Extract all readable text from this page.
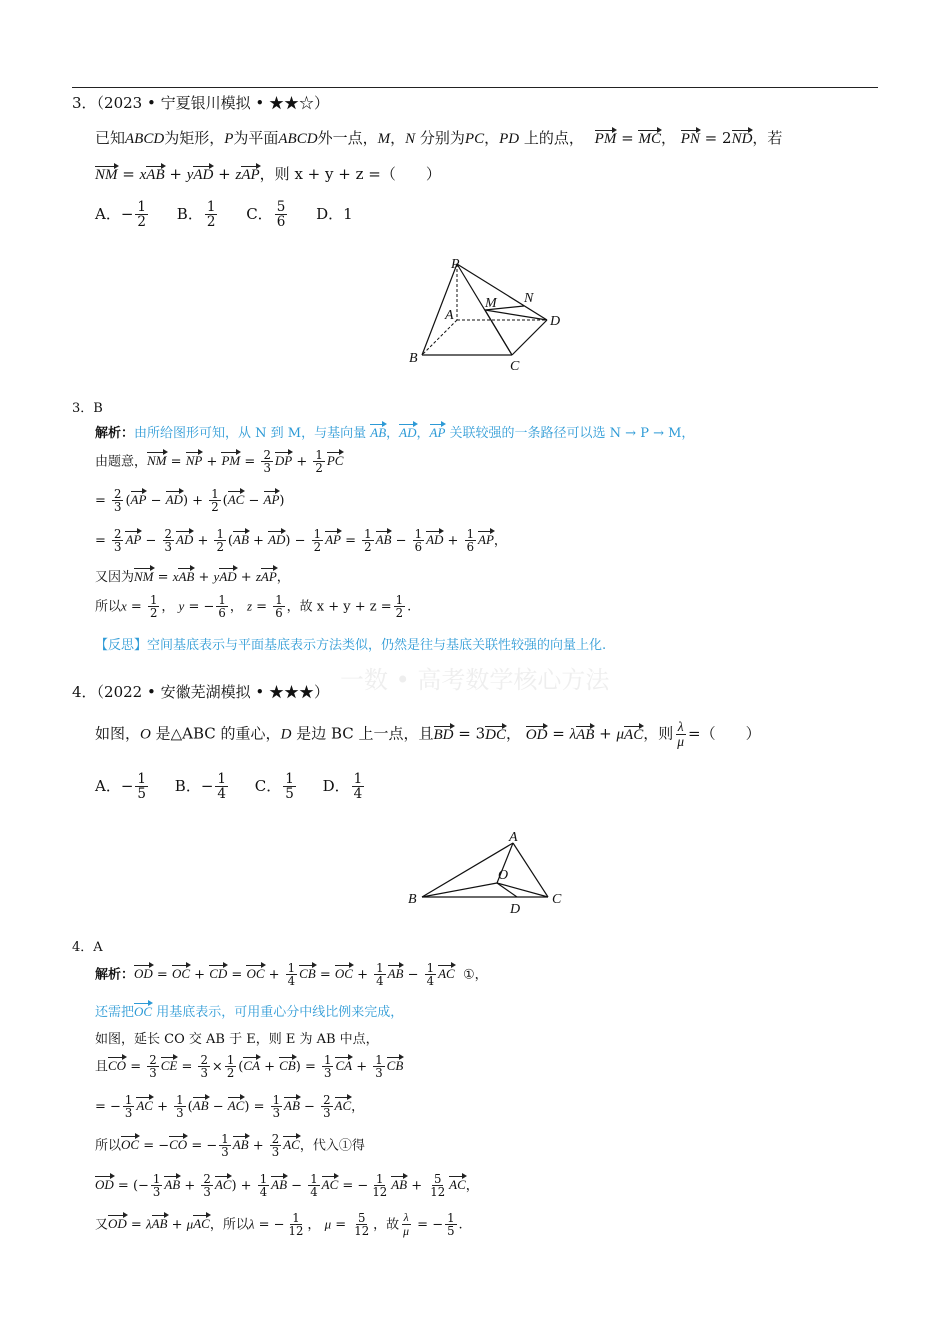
3．（2023 • 宁夏银川模拟 • ★★☆）
已知ABCD为矩形，P为平面ABCD外一点，M，N 分别为PC，PD 上的点， PM = MC， PN = 2ND，若
NM = xAB + yAD + zAP，则 x + y + z =（　　）
A．− $\frac{1}{2}$ B． $\frac{1}{2}$ C． $\frac{5}{6}$ D．1
P
M N
A	D
B
C
3．B
解析：由所给图形可知，从 N 到 M，与基向量 AB，AD，AP 关联较强的一条路径可以选 N → P → M，
由题意，NM = NP + PM = $\frac{2}{3}$ DP + $\frac{1}{2}$ PC
= $\frac{2}{3} (AP - AD) + \frac{1}{2} (AC - AP)$
= $\frac{2}{3}$ AP − $\frac{2}{3}$ AD + $\frac{1}{2} (AB + AD) - \frac{1}{2}$ AP = $\frac{1}{2}$ AB − $\frac{1}{6}$ AD + $\frac{1}{6}$ AP，
又因为NM = xAB + yAD + zAP，
所以$x = \frac{1}{2}$ ， y = − $\frac{1}{6}$ ， $z = \frac{1}{6}$ ，故 $x + y + z = \frac{1}{2}$ .
【反思】空间基底表示与平面基底表示方法类似，仍然是往与基底关联性较强的向量上化.
一数 • 高考数学核心方法
4．（2022 • 安徽芜湖模拟 • ★★★）
如图，O 是△ABC 的重心，D 是边 BC 上一点，且BD = 3DC， OD = λAB + μAC，则 $\frac{\lambda}{\mu}$ =（　　）
A．− $\frac{1}{5}$ B．− $\frac{1}{4}$ C． $\frac{1}{5}$ D． $\frac{1}{4}$
A
O
B	C
D
4．A
解析：OD = OC + CD = OC + $\frac{1}{4}$ CB = OC + $\frac{1}{4}$ AB − $\frac{1}{4}$ AC ①，
还需把OC 用基底表示，可用重心分中线比例来完成，
如图，延长 CO 交 AB 于 E，则 E 为 AB 中点，
且CO = $\frac{2}{3}$ CE = $\frac{2}{3} \times \frac{1}{2} (CA + CB) = \frac{1}{3}$ CA + $\frac{1}{3}$ CB
= − $\frac{1}{3}$ AC + $\frac{1}{3} (AB - AC) = \frac{1}{3}$ AB − $\frac{2}{3}$ AC，
所以OC = −CO = − $\frac{1}{3}$ AB + $\frac{2}{3}$ AC，代入①得
OD = (− $\frac{1}{3}$ AB + $\frac{2}{3} AC) + \frac{1}{4}$ AB − $\frac{1}{4}$ AC = − $\frac{1}{12}$ AB + $\frac{5}{12}$ AC，
又OD = λAB + μAC，所以λ = − $\frac{1}{12}$ ， $\mu = \frac{5}{12}$ ，故 $\frac{\lambda}{\mu}$ = − $\frac{1}{5}$ .
